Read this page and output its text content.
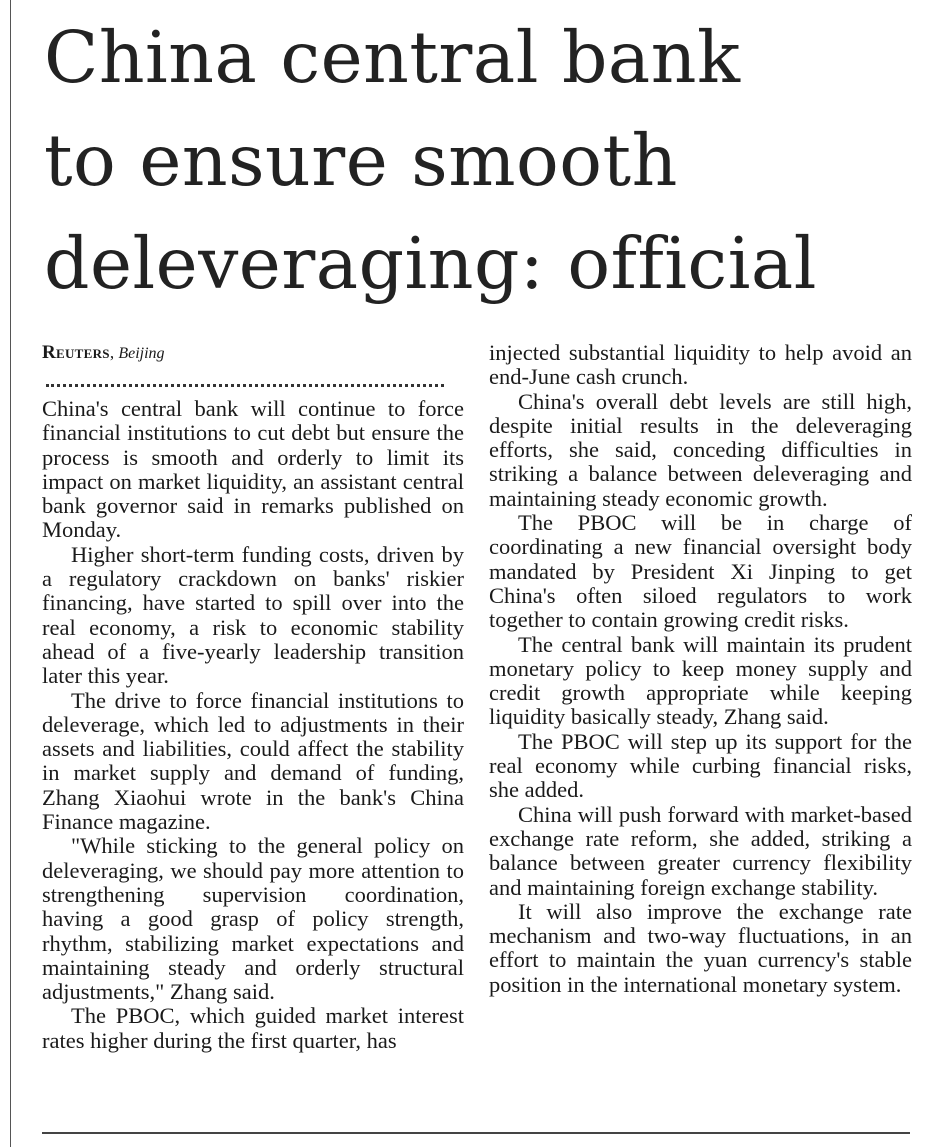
China central bank
to ensure smooth
deleveraging: official
Reuters, Beijing

China's central bank will continue to force financial institutions to cut debt but ensure the process is smooth and orderly to limit its impact on market liquidity, an assistant central bank governor said in remarks published on Monday.

Higher short-term funding costs, driven by a regulatory crackdown on banks' riskier financing, have started to spill over into the real economy, a risk to economic stability ahead of a five-yearly leadership transition later this year.

The drive to force financial institutions to deleverage, which led to adjustments in their assets and liabilities, could affect the stability in market supply and demand of funding, Zhang Xiaohui wrote in the bank's China Finance magazine.

"While sticking to the general policy on deleveraging, we should pay more attention to strengthening supervision coordination, having a good grasp of policy strength, rhythm, stabilizing market expectations and maintaining steady and orderly structural adjustments," Zhang said.

The PBOC, which guided market interest rates higher during the first quarter, has

injected substantial liquidity to help avoid an end-June cash crunch.

China's overall debt levels are still high, despite initial results in the deleveraging efforts, she said, conceding difficulties in striking a balance between deleveraging and maintaining steady economic growth.

The PBOC will be in charge of coordinating a new financial oversight body mandated by President Xi Jinping to get China's often siloed regulators to work together to contain growing credit risks.

The central bank will maintain its prudent monetary policy to keep money supply and credit growth appropriate while keeping liquidity basically steady, Zhang said.

The PBOC will step up its support for the real economy while curbing financial risks, she added.

China will push forward with market-based exchange rate reform, she added, striking a balance between greater currency flexibility and maintaining foreign exchange stability.

It will also improve the exchange rate mechanism and two-way fluctuations, in an effort to maintain the yuan currency's stable position in the international monetary system.
